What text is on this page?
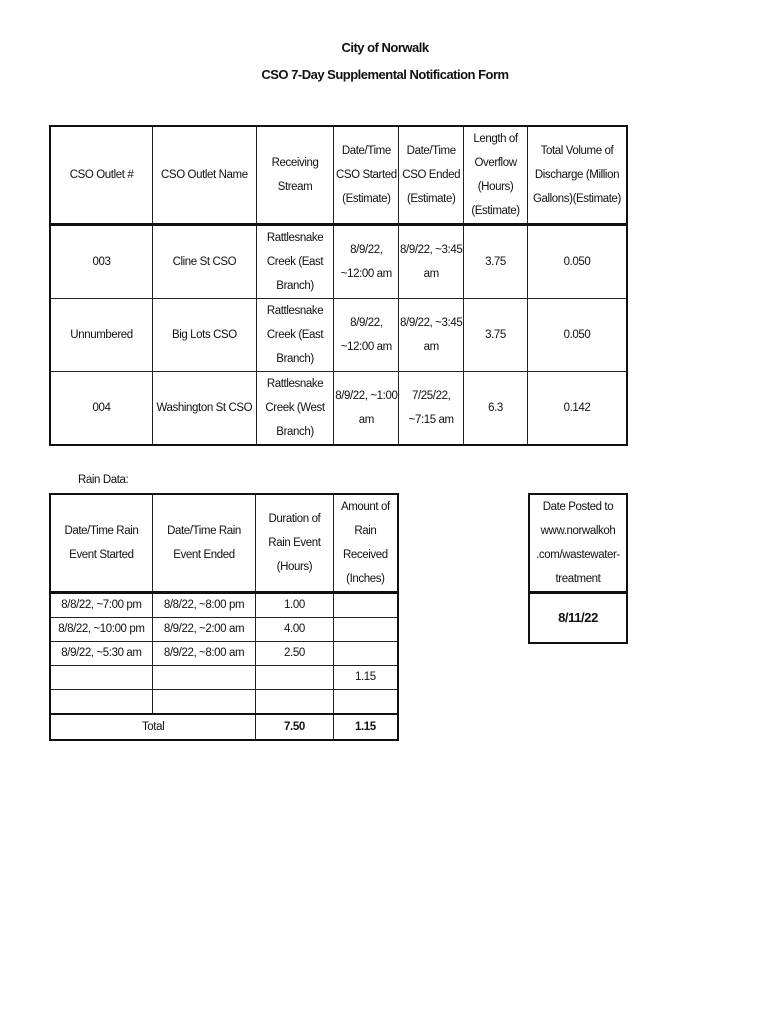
City of Norwalk
CSO 7-Day Supplemental Notification Form
CSO Outlet #	CSO Outlet Name	Receiving Stream	Date/Time CSO Started (Estimate)	Date/Time CSO Ended (Estimate)	Length of Overflow (Hours) (Estimate)	Total Volume of Discharge (Million Gallons)(Estimate)
003	Cline St CSO	Rattlesnake Creek (East Branch)	8/9/22, ~12:00 am	8/9/22, ~3:45 am	3.75	0.050
Unnumbered	Big Lots CSO	Rattlesnake Creek (East Branch)	8/9/22, ~12:00 am	8/9/22, ~3:45 am	3.75	0.050
004	Washington St CSO	Rattlesnake Creek (West Branch)	8/9/22, ~1:00 am	7/25/22, ~7:15 am	6.3	0.142
Rain Data:
Date/Time Rain Event Started	Date/Time Rain Event Ended	Duration of Rain Event (Hours)	Amount of Rain Received (Inches)
8/8/22, ~7:00 pm	8/8/22, ~8:00 pm	1.00	
8/8/22, ~10:00 pm	8/9/22, ~2:00 am	4.00	
8/9/22, ~5:30 am	8/9/22, ~8:00 am	2.50	
			1.15

Total		7.50	1.15
Date Posted to www.norwalkoh .com/wastewater-treatment
8/11/22
